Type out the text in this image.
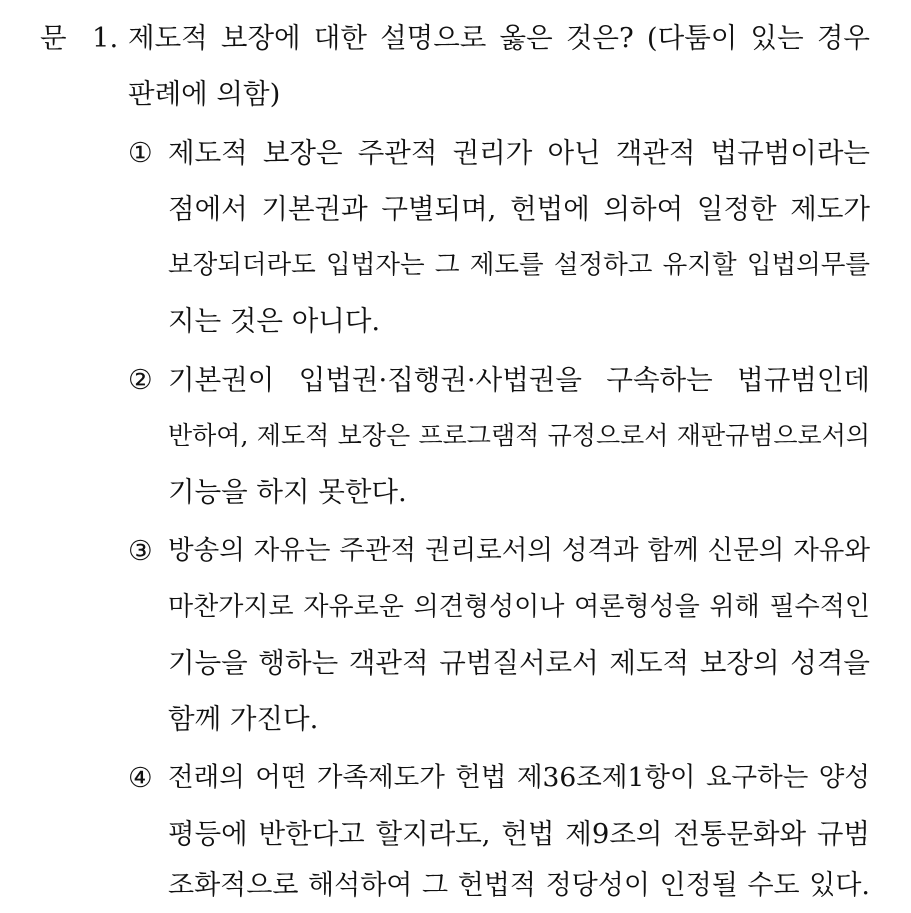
문 1. 제도적 보장에 대한 설명으로 옳은 것은? (다툼이 있는 경우
판례에 의함)
① 제도적 보장은 주관적 권리가 아닌 객관적 법규범이라는
점에서 기본권과 구별되며, 헌법에 의하여 일정한 제도가
보장되더라도 입법자는 그 제도를 설정하고 유지할 입법의무를
지는 것은 아니다.
② 기본권이 입법권·집행권·사법권을 구속하는 법규범인데
반하여, 제도적 보장은 프로그램적 규정으로서 재판규범으로서의
기능을 하지 못한다.
③ 방송의 자유는 주관적 권리로서의 성격과 함께 신문의 자유와
마찬가지로 자유로운 의견형성이나 여론형성을 위해 필수적인
기능을 행하는 객관적 규범질서로서 제도적 보장의 성격을
함께 가진다.
④ 전래의 어떤 가족제도가 헌법 제36조제1항이 요구하는 양성
평등에 반한다고 할지라도, 헌법 제9조의 전통문화와 규범
조화적으로 해석하여 그 헌법적 정당성이 인정될 수도 있다.
